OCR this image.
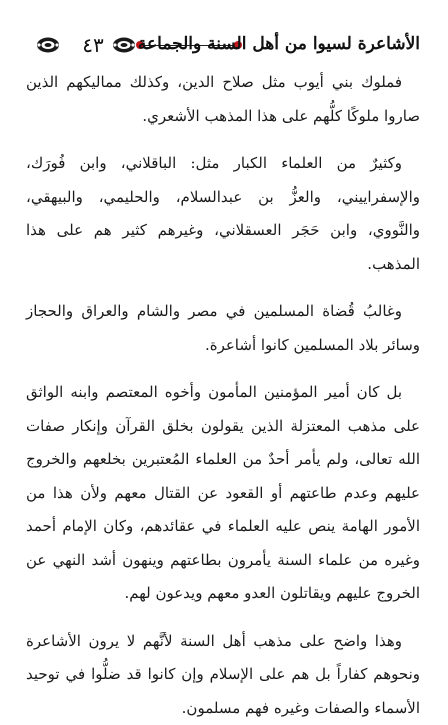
٤٣	الأشاعرة لسيوا من أهل السنة والجماعة

فملوك بني أيوب مثل صلاح الدين، وكذلك مماليكهم الذين صاروا ملوكًا كلُّهم على هذا المذهب الأشعري.

وكثيرٌ من العلماء الكبار مثل: الباقلاني، وابن فُورَك، والإسفراييني، والعزُّ بن عبدالسلام، والحليمي، والبيهقي، والنَّووي، وابن حَجَر العسقلاني، وغيرهم كثير هم على هذا المذهب.

وغالبُ قُضاة المسلمين في مصر والشام والعراق والحجاز وسائر بلاد المسلمين كانوا أشاعرة.

بل كان أمير المؤمنين المأمون وأخوه المعتصم وابنه الواثق على مذهب المعتزلة الذين يقولون بخلق القرآن وإنكار صفات الله تعالى، ولم يأمر أحدٌ من العلماء المُعتبرين بخلعهم والخروج عليهم وعدم طاعتهم أو القعود عن القتال معهم ولأن هذا من الأمور الهامة ينص عليه العلماء في عقائدهم، وكان الإمام أحمد وغيره من علماء السنة يأمرون بطاعتهم وينهون أشد النهي عن الخروج عليهم ويقاتلون العدو معهم ويدعون لهم.

وهذا واضح على مذهب أهل السنة لأنَّهم لا يرون الأشاعرة ونحوهم كفاراً بل هم على الإسلام وإن كانوا قد ضلُّوا في توحيد الأسماء والصفات وغيره فهم مسلمون.
